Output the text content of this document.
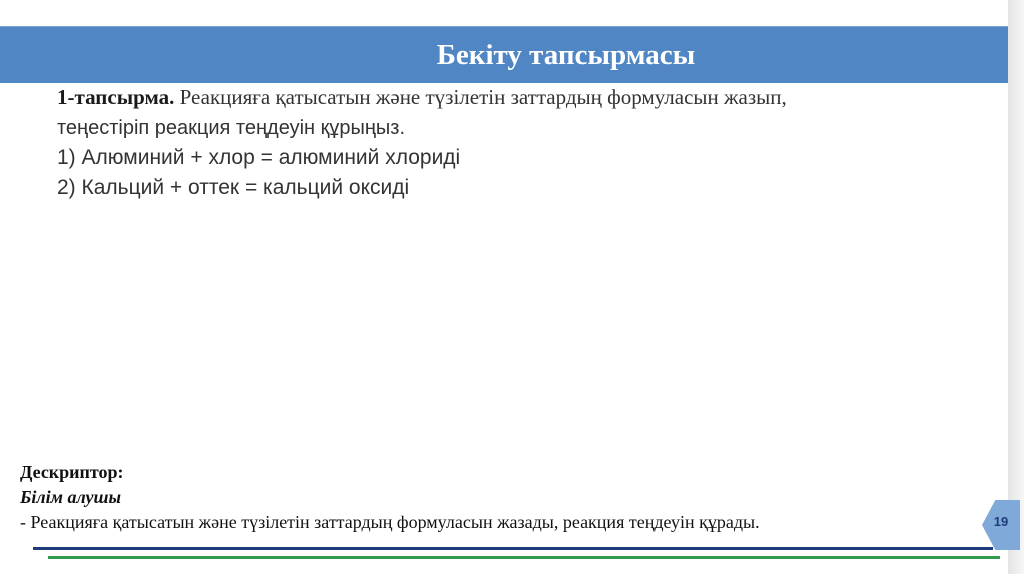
Бекіту тапсырмасы
1-тапсырма. Реакцияға қатысатын және түзілетін заттардың формуласын жазып,
теңестіріп реакция теңдеуін құрыңыз.
1) Алюминий + хлор = алюминий хлориді
2) Кальций + оттек = кальций оксиді
Дескриптор:
Білім алушы
- Реакцияға қатысатын және түзілетін заттардың формуласын жазады, реакция теңдеуін құрады.	19
